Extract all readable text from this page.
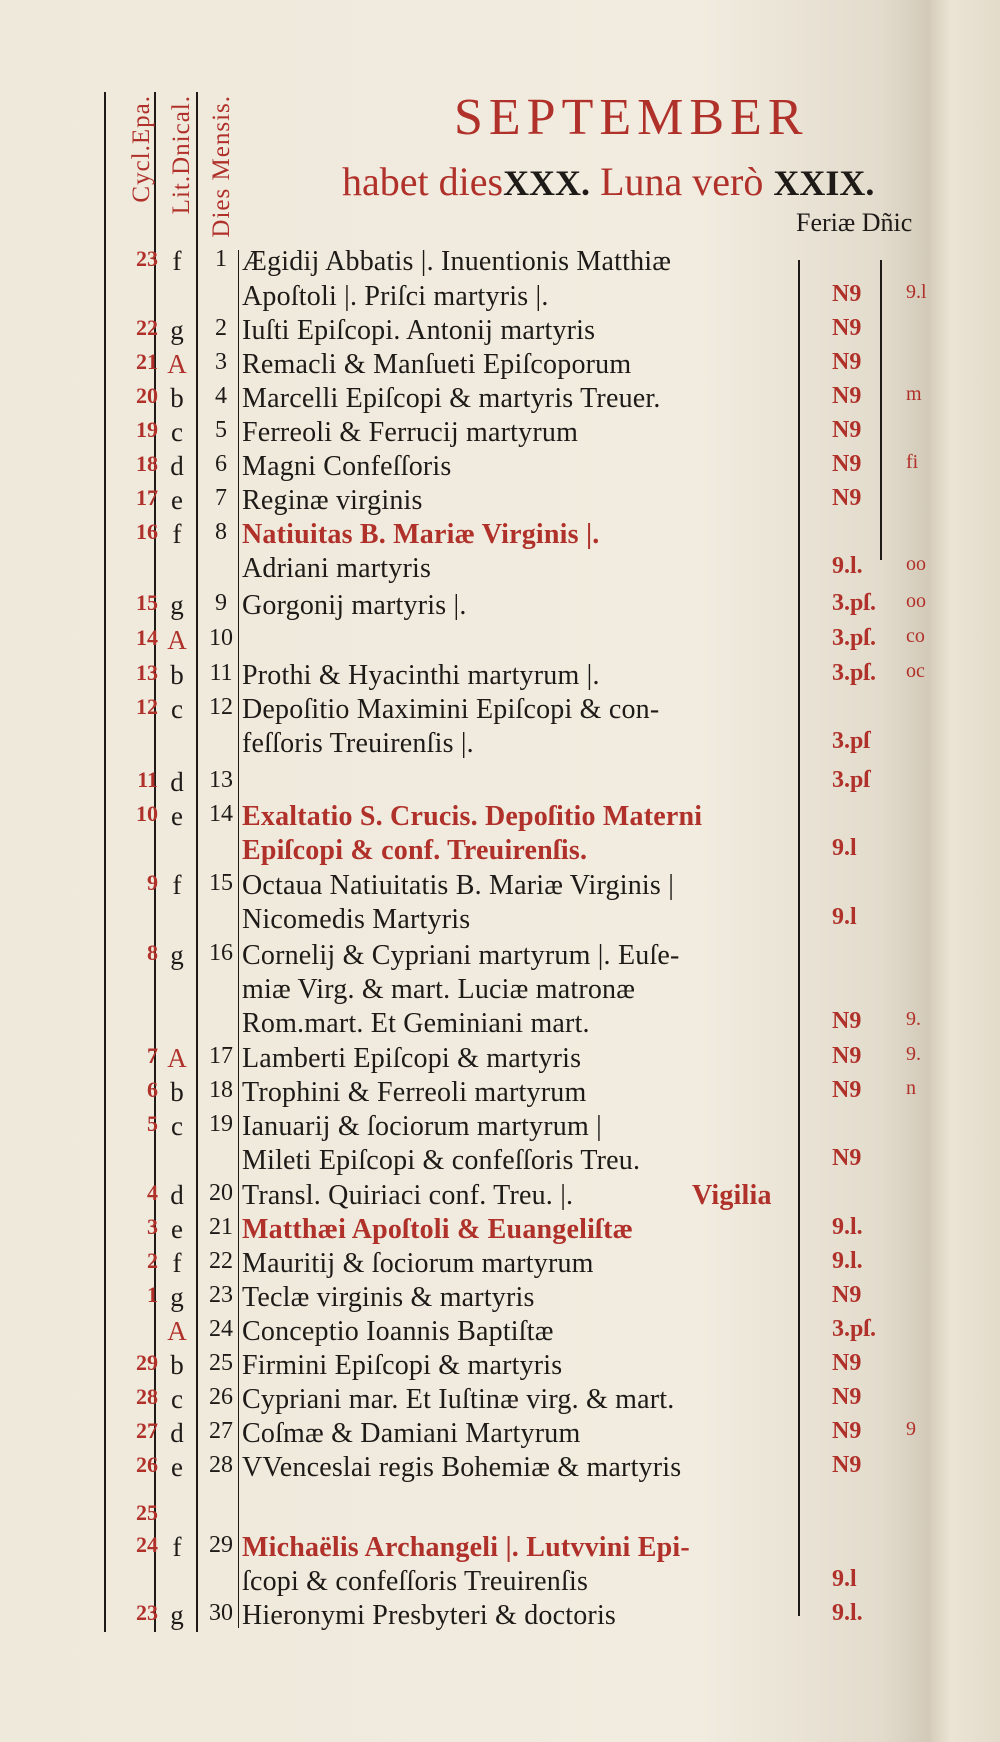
Cycl.Epa. Lit.Dnical. Dies Mensis.	SEPTEMBER
habet diesXXX. Luna verò XXIX.
Feriæ Dñic
23 f	1 Ægidij Abbatis |. Inuentionis Matthiæ
Apoſtoli |. Priſci martyris |.	N9 9.l
22 g	2 Iuſti Epiſcopi. Antonij martyris	N9
21 A	3 Remacli & Manſueti Epiſcoporum	N9
20 b	4 Marcelli Epiſcopi & martyris Treuer.	N9 m
19 c	5 Ferreoli & Ferrucij martyrum	N9
18 d	6 Magni Confeſſoris	N9 fi
17 e	7 Reginæ virginis	N9
16 f	8 Natiuitas B. Mariæ Virginis |.
Adriani martyris	9.l. oo
15 g	9 Gorgonij martyris |.	3.pſ. oo
14 A 10	3.pſ. co
13 b	11 Prothi & Hyacinthi martyrum |.	3.pſ. oc
12 c	12 Depoſitio Maximini Epiſcopi & con-
feſſoris Treuirenſis |.	3.pſ
11 d	13	3.pſ
10 e	14 Exaltatio S. Crucis. Depoſitio Materni
Epiſcopi & conf. Treuirenſis.	9.l
9 f	15 Octaua Natiuitatis B. Mariæ Virginis |
Nicomedis Martyris	9.l
8 g	16 Cornelij & Cypriani martyrum |. Euſe-
miæ Virg. & mart. Luciæ matronæ
Rom.mart. Et Geminiani mart.	N9 9.
7 A 17 Lamberti Epiſcopi & martyris	N9 9.
6 b	18 Trophini & Ferreoli martyrum	N9 n
5 c	19 Ianuarij & ſociorum martyrum |
Mileti Epiſcopi & confeſſoris Treu.	N9
4 d	20 Transl. Quiriaci conf. Treu. |.	Vigilia
3 e	21 Matthæi Apoſtoli & Euangeliſtæ	9.l.
2 f	22 Mauritij & ſociorum martyrum	9.l.
1 g	23 Teclæ virginis & martyris	N9
A 24 Conceptio Ioannis Baptiſtæ	3.pſ.
29 b	25 Firmini Epiſcopi & martyris	N9
28 c	26 Cypriani mar. Et Iuſtinæ virg. & mart.	N9
27 d	27 Coſmæ & Damiani Martyrum	N9 9
26 e	28 VVenceslai regis Bohemiæ & martyris	N9
25
24 f	29 Michaëlis Archangeli |. Lutvvini Epi-
ſcopi & confeſſoris Treuirenſis	9.l
23 g	30 Hieronymi Presbyteri & doctoris	9.l.
